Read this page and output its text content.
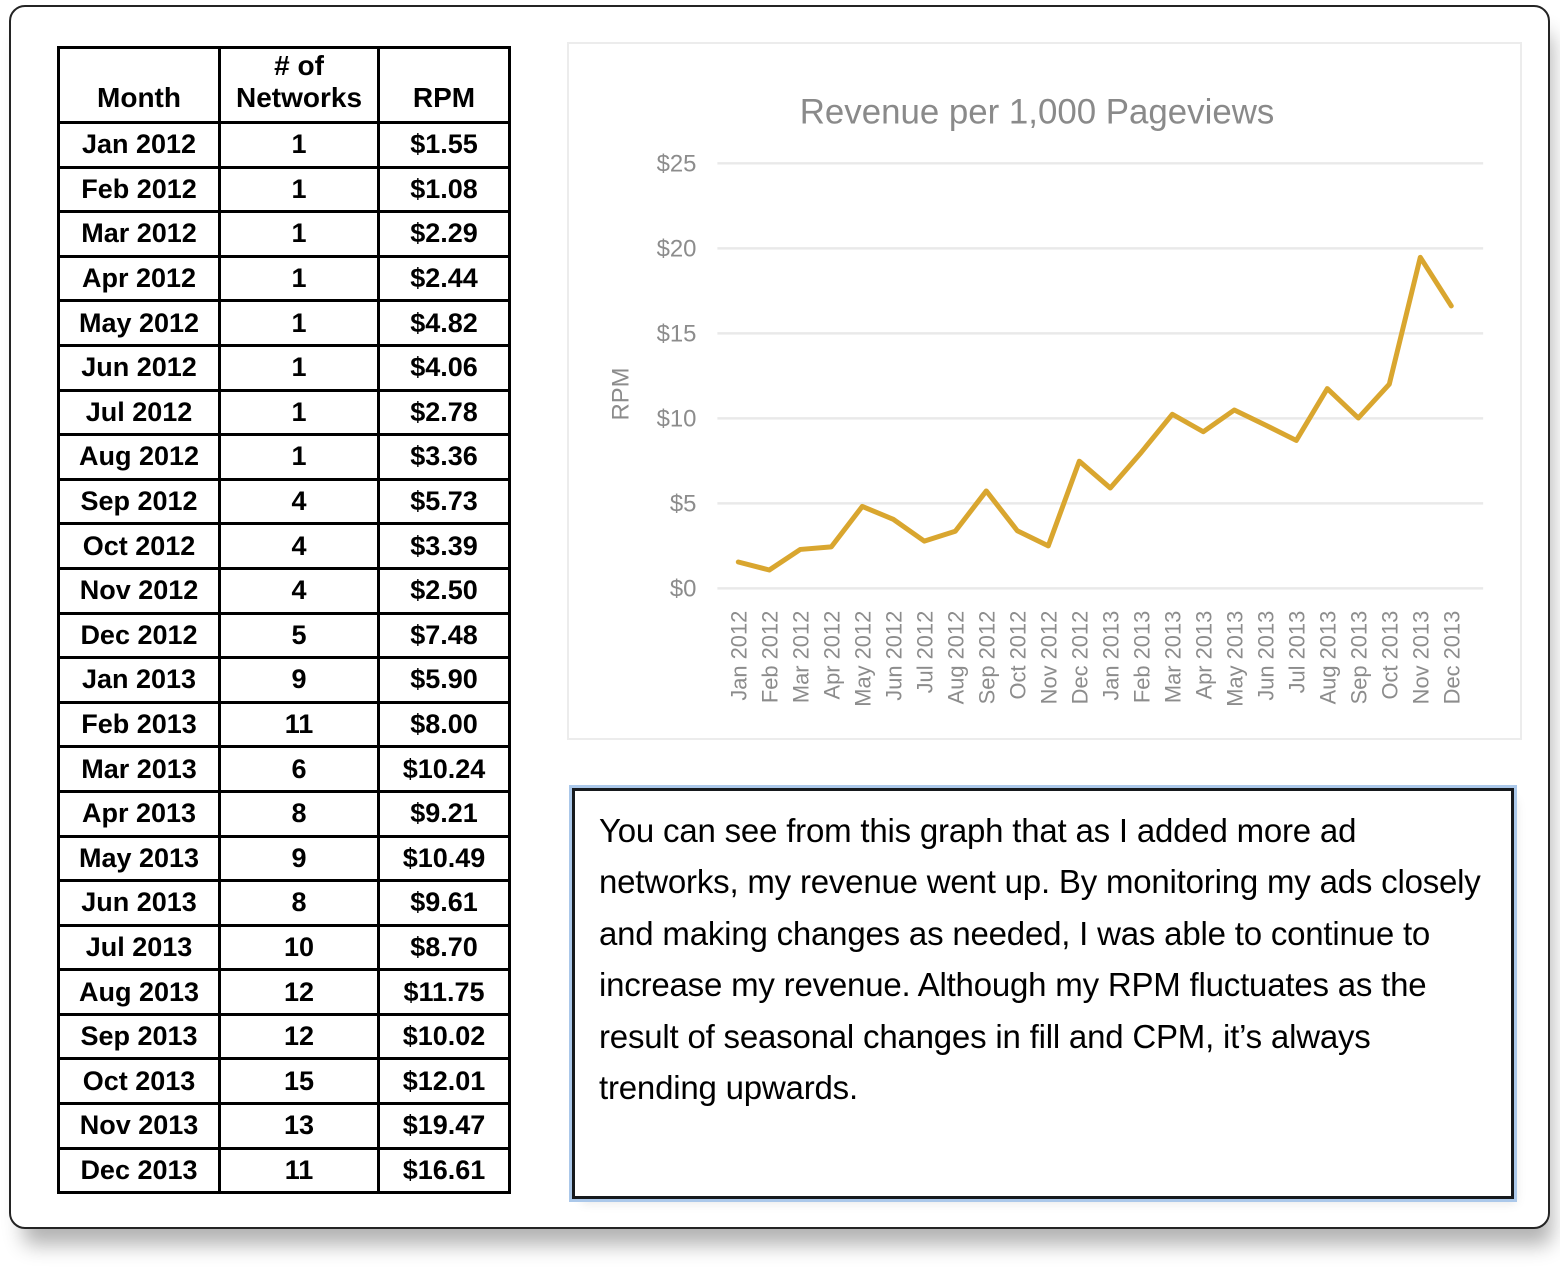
Month	# of Networks	RPM
Jan 2012	1	$1.55
Feb 2012	1	$1.08
Mar 2012	1	$2.29
Apr 2012	1	$2.44
May 2012	1	$4.82
Jun 2012	1	$4.06
Jul 2012	1	$2.78
Aug 2012	1	$3.36
Sep 2012	4	$5.73
Oct 2012	4	$3.39
Nov 2012	4	$2.50
Dec 2012	5	$7.48
Jan 2013	9	$5.90
Feb 2013	11	$8.00
Mar 2013	6	$10.24
Apr 2013	8	$9.21
May 2013	9	$10.49
Jun 2013	8	$9.61
Jul 2013	10	$8.70
Aug 2013	12	$11.75
Sep 2013	12	$10.02
Oct 2013	15	$12.01
Nov 2013	13	$19.47
Dec 2013	11	$16.61
$0
$5
$10
$15
$20
$25
Revenue per 1,000 Pageviews
RPM
Jan 2012 Feb 2012 Mar 2012 Apr 2012 May 2012 Jun 2012 Jul 2012 Aug 2012 Sep 2012 Oct 2012 Nov 2012 Dec 2012 Jan 2013 Feb 2013 Mar 2013 Apr 2013 May 2013 Jun 2013 Jul 2013 Aug 2013 Sep 2013 Oct 2013 Nov 2013 Dec 2013

You can see from this graph that as I added more ad networks, my revenue went up. By monitoring my ads closely and making changes as needed, I was able to continue to increase my revenue. Although my RPM fluctuates as the result of seasonal changes in fill and CPM, it’s always trending upwards.
